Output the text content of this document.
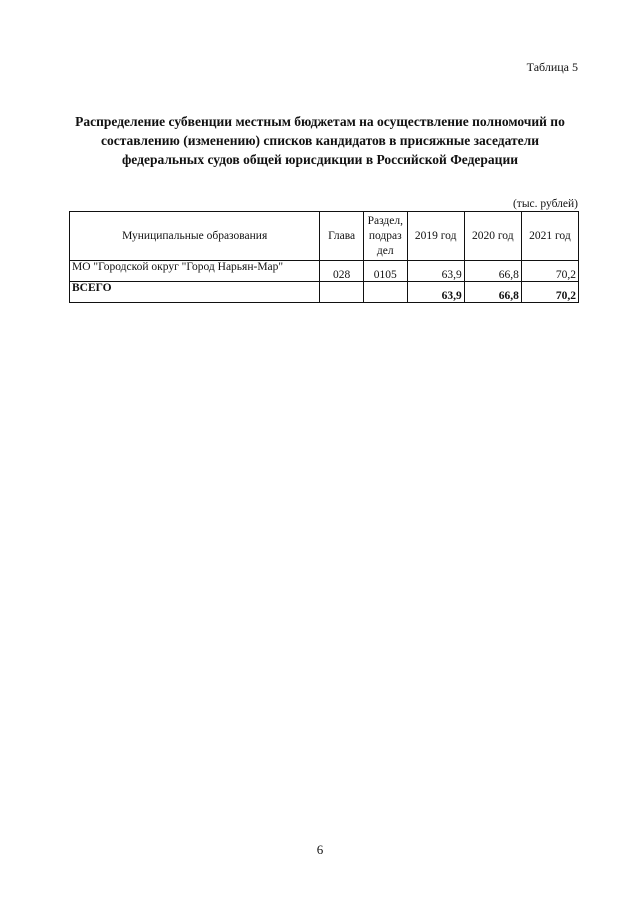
Таблица 5
Распределение субвенции местным бюджетам на осуществление полномочий по
составлению (изменению) списков кандидатов в присяжные заседатели
федеральных судов общей юрисдикции в Российской Федерации
(тыс. рублей)
Муниципальные образования	Глава	Раздел,
подраз
дел	2019 год	2020 год	2021 год
МО "Городской округ "Город Нарьян-Мар"	028	0105	63,9	66,8	70,2
ВСЕГО			63,9	66,8	70,2
6
